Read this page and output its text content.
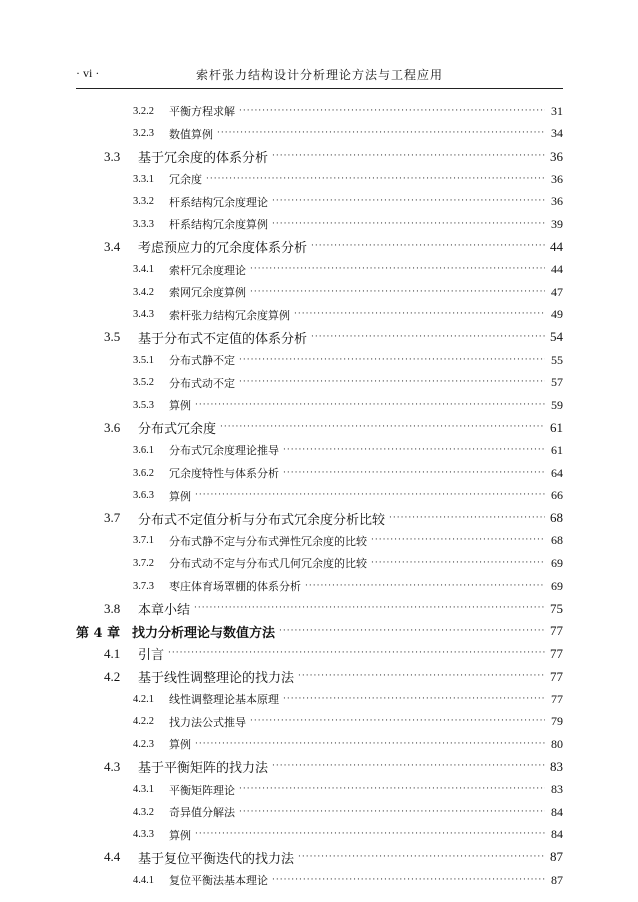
· vi ·	索杆张力结构设计分析理论方法与工程应用
3.2.2	平衡方程求解 ·····	31
3.2.3	数值算例 ·····	34
3.3	基于冗余度的体系分析 ·····	36
3.3.1	冗余度 ·····	36
3.3.2	杆系结构冗余度理论 ·····	36
3.3.3	杆系结构冗余度算例 ·····	39
3.4	考虑预应力的冗余度体系分析 ·····	44
3.4.1	索杆冗余度理论 ·····	44
3.4.2	索网冗余度算例 ·····	47
3.4.3	索杆张力结构冗余度算例 ·····	49
3.5	基于分布式不定值的体系分析 ·····	54
3.5.1	分布式静不定 ·····	55
3.5.2	分布式动不定 ·····	57
3.5.3	算例 ·····	59
3.6	分布式冗余度 ·····	61
3.6.1	分布式冗余度理论推导 ·····	61
3.6.2	冗余度特性与体系分析 ·····	64
3.6.3	算例 ·····	66
3.7	分布式不定值分析与分布式冗余度分析比较 ·····	68
3.7.1	分布式静不定与分布式弹性冗余度的比较 ·····	68
3.7.2	分布式动不定与分布式几何冗余度的比较 ·····	69
3.7.3	枣庄体育场罩棚的体系分析 ·····	69
3.8	本章小结 ·····	75
第 4 章 找力分析理论与数值方法 ·····	77
4.1	引言 ·····	77
4.2	基于线性调整理论的找力法 ·····	77
4.2.1	线性调整理论基本原理 ·····	77
4.2.2	找力法公式推导 ·····	79
4.2.3	算例 ·····	80
4.3	基于平衡矩阵的找力法 ·····	83
4.3.1	平衡矩阵理论 ·····	83
4.3.2	奇异值分解法 ·····	84
4.3.3	算例 ·····	84
4.4	基于复位平衡迭代的找力法 ·····	87
4.4.1	复位平衡法基本理论 ·····	87
